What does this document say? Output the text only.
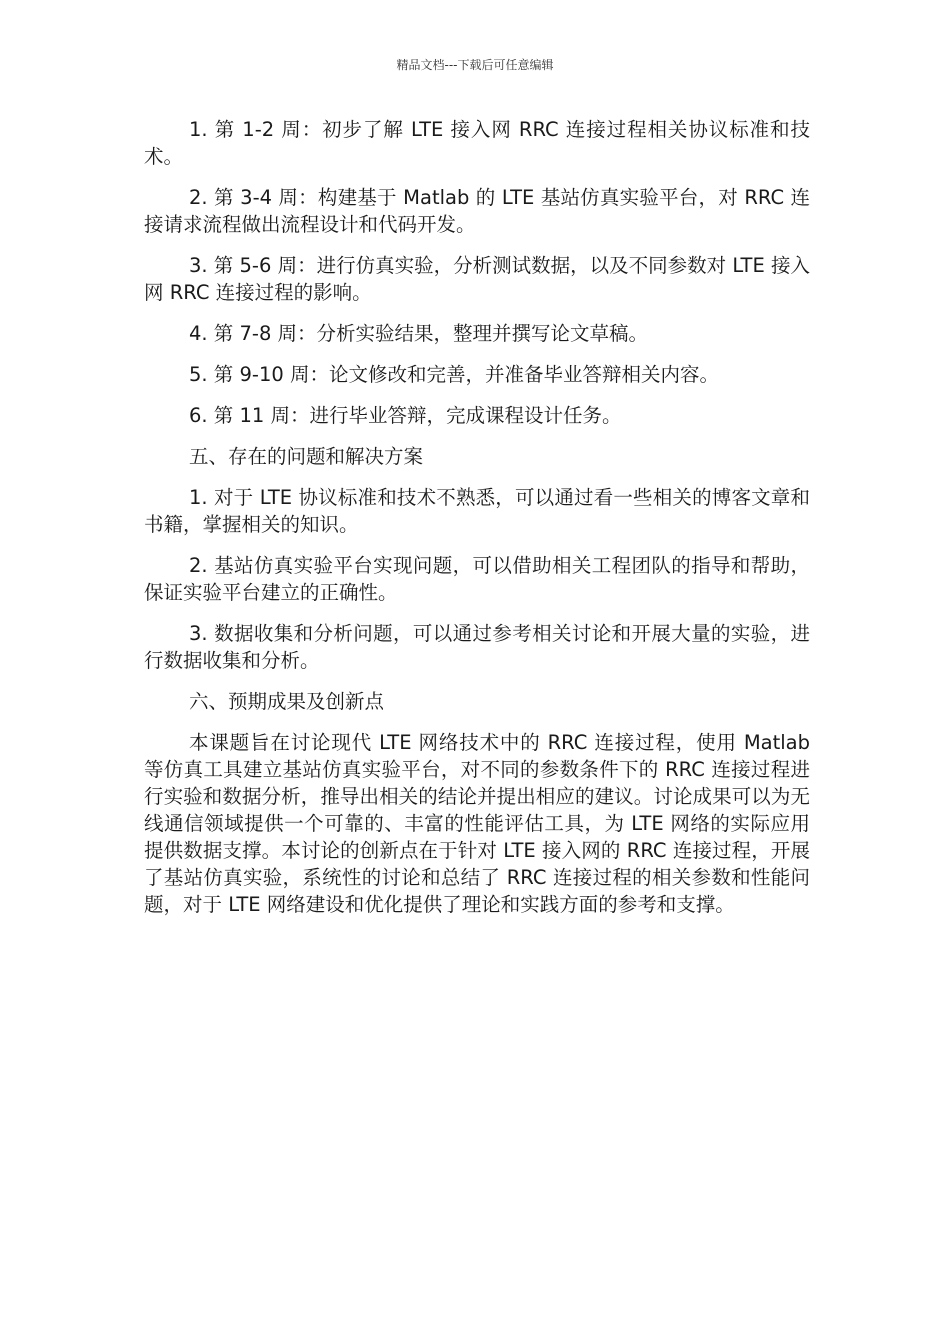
精品文档---下载后可任意编辑

1. 第 1-2 周：初步了解 LTE 接入网 RRC 连接过程相关协议标准和技术。

2. 第 3-4 周：构建基于 Matlab 的 LTE 基站仿真实验平台，对 RRC 连接请求流程做出流程设计和代码开发。

3. 第 5-6 周：进行仿真实验，分析测试数据，以及不同参数对 LTE 接入网 RRC 连接过程的影响。

4. 第 7-8 周：分析实验结果，整理并撰写论文草稿。

5. 第 9-10 周：论文修改和完善，并准备毕业答辩相关内容。

6. 第 11 周：进行毕业答辩，完成课程设计任务。

五、存在的问题和解决方案

1. 对于 LTE 协议标准和技术不熟悉，可以通过看一些相关的博客文章和书籍，掌握相关的知识。

2. 基站仿真实验平台实现问题，可以借助相关工程团队的指导和帮助，保证实验平台建立的正确性。

3. 数据收集和分析问题，可以通过参考相关讨论和开展大量的实验，进行数据收集和分析。

六、预期成果及创新点

本课题旨在讨论现代 LTE 网络技术中的 RRC 连接过程，使用 Matlab 等仿真工具建立基站仿真实验平台，对不同的参数条件下的 RRC 连接过程进行实验和数据分析，推导出相关的结论并提出相应的建议。讨论成果可以为无线通信领域提供一个可靠的、丰富的性能评估工具，为 LTE 网络的实际应用提供数据支撑。本讨论的创新点在于针对 LTE 接入网的 RRC 连接过程，开展了基站仿真实验，系统性的讨论和总结了 RRC 连接过程的相关参数和性能问题，对于 LTE 网络建设和优化提供了理论和实践方面的参考和支撑。
